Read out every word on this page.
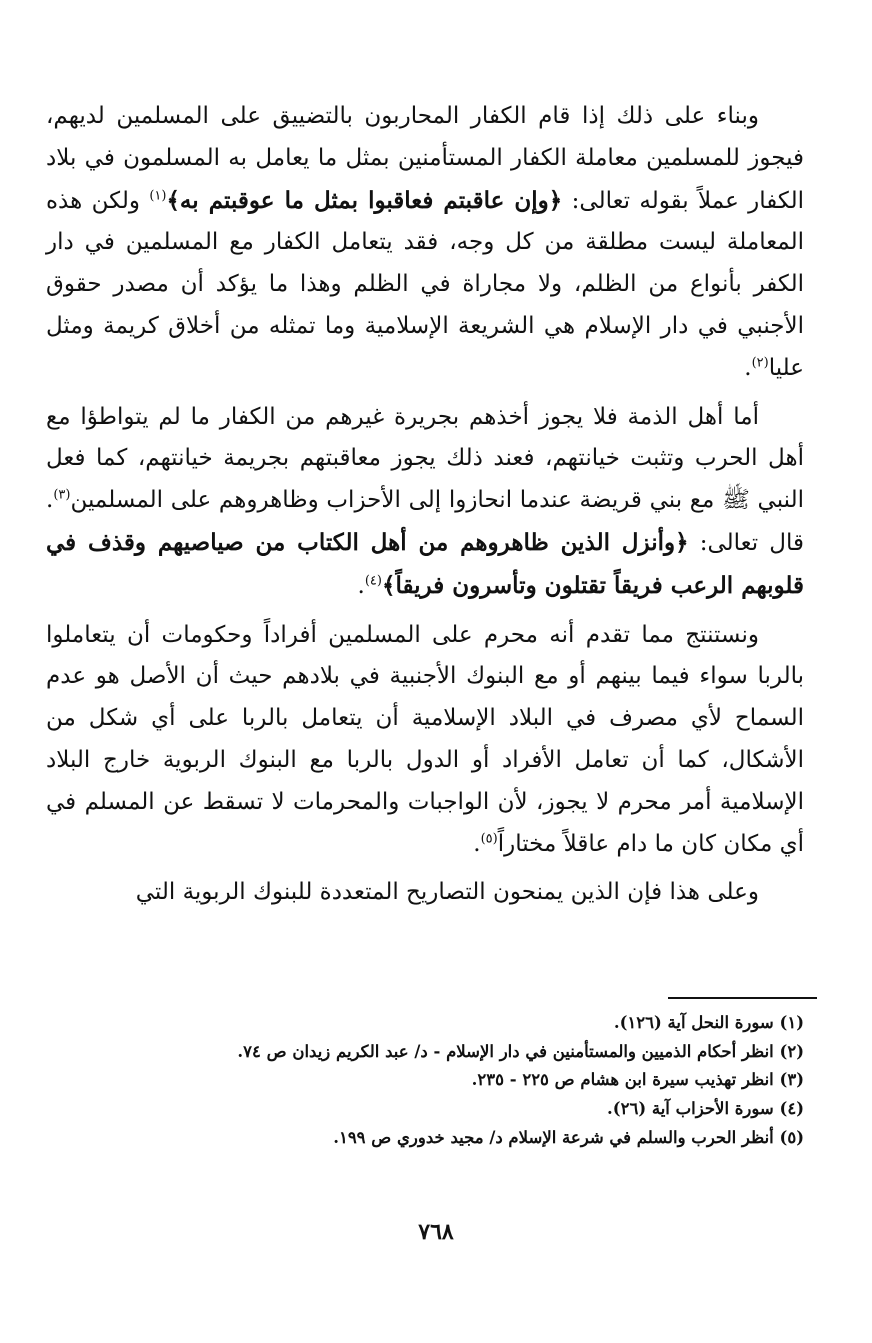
وبناء على ذلك إذا قام الكفار المحاربون بالتضييق على المسلمين لديهم، فيجوز للمسلمين معاملة الكفار المستأمنين بمثل ما يعامل به المسلمون في بلاد الكفار عملاً بقوله تعالى: ﴿وإن عاقبتم فعاقبوا بمثل ما عوقبتم به﴾$^{(١)}$ ولكن هذه المعاملة ليست مطلقة من كل وجه، فقد يتعامل الكفار مع المسلمين في دار الكفر بأنواع من الظلم، ولا مجاراة في الظلم وهذا ما يؤكد أن مصدر حقوق الأجنبي في دار الإسلام هي الشريعة الإسلامية وما تمثله من أخلاق كريمة ومثل عليا$^{(٢)}$.

أما أهل الذمة فلا يجوز أخذهم بجريرة غيرهم من الكفار ما لم يتواطؤا مع أهل الحرب وتثبت خيانتهم، فعند ذلك يجوز معاقبتهم بجريمة خيانتهم، كما فعل النبي ﷺ مع بني قريضة عندما انحازوا إلى الأحزاب وظاهروهم على المسلمين$^{(٣)}$. قال تعالى: ﴿وأنزل الذين ظاهروهم من أهل الكتاب من صياصيهم وقذف في قلوبهم الرعب فريقاً تقتلون وتأسرون فريقاً﴾$^{(٤)}$.

ونستنتج مما تقدم أنه محرم على المسلمين أفراداً وحكومات أن يتعاملوا بالربا سواء فيما بينهم أو مع البنوك الأجنبية في بلادهم حيث أن الأصل هو عدم السماح لأي مصرف في البلاد الإسلامية أن يتعامل بالربا على أي شكل من الأشكال، كما أن تعامل الأفراد أو الدول بالربا مع البنوك الربوية خارج البلاد الإسلامية أمر محرم لا يجوز، لأن الواجبات والمحرمات لا تسقط عن المسلم في أي مكان كان ما دام عاقلاً مختاراً$^{(٥)}$.

وعلى هذا فإن الذين يمنحون التصاريح المتعددة للبنوك الربوية التي

(١) سورة النحل آية (١٢٦).
(٢) انظر أحكام الذميين والمستأمنين في دار الإسلام - د/ عبد الكريم زيدان ص ٧٤.
(٣) انظر تهذيب سيرة ابن هشام ص ٢٢٥ - ٢٣٥.
(٤) سورة الأحزاب آية (٢٦).
(٥) أنظر الحرب والسلم في شرعة الإسلام د/ مجيد خدوري ص ١٩٩.
٧٦٨
